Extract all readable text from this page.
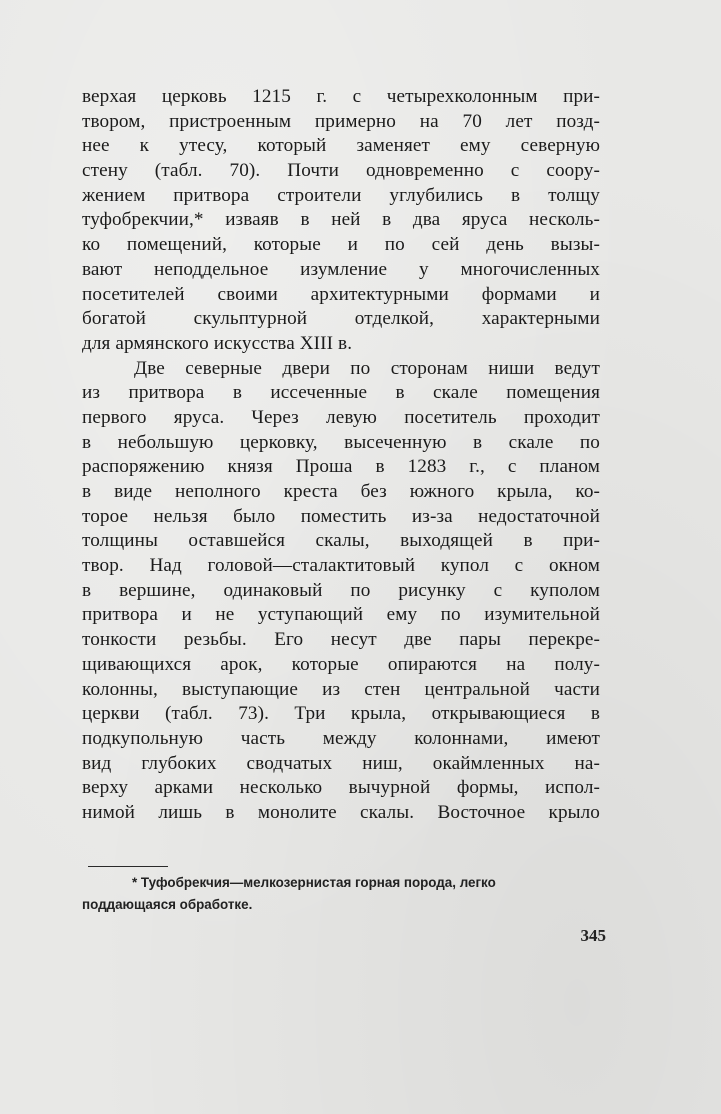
верхая церковь 1215 г. с четырехколонным при-
твором, пристроенным примерно на 70 лет позд-
нее к утесу, который заменяет ему северную
стену (табл. 70). Почти одновременно с соору-
жением притвора строители углубились в толщу
туфобрекчии,* изваяв в ней в два яруса несколь-
ко помещений, которые и по сей день вызы-
вают неподдельное изумление у многочисленных
посетителей своими архитектурными формами и
богатой скульптурной отделкой, характерными
для армянского искусства XIII в.
Две северные двери по сторонам ниши ведут
из притвора в иссеченные в скале помещения
первого яруса. Через левую посетитель проходит
в небольшую церковку, высеченную в скале по
распоряжению князя Проша в 1283 г., с планом
в виде неполного креста без южного крыла, ко-
торое нельзя было поместить из-за недостаточной
толщины оставшейся скалы, выходящей в при-
твор. Над головой—сталактитовый купол с окном
в вершине, одинаковый по рисунку с куполом
притвора и не уступающий ему по изумительной
тонкости резьбы. Его несут две пары перекре-
щивающихся арок, которые опираются на полу-
колонны, выступающие из стен центральной части
церкви (табл. 73). Три крыла, открывающиеся в
подкупольную часть между колоннами, имеют
вид глубоких сводчатых ниш, окаймленных на-
верху арками несколько вычурной формы, испол-
нимой лишь в монолите скалы. Восточное крыло
* Туфобрекчия—мелкозернистая горная порода, легко
поддающаяся обработке.
345
